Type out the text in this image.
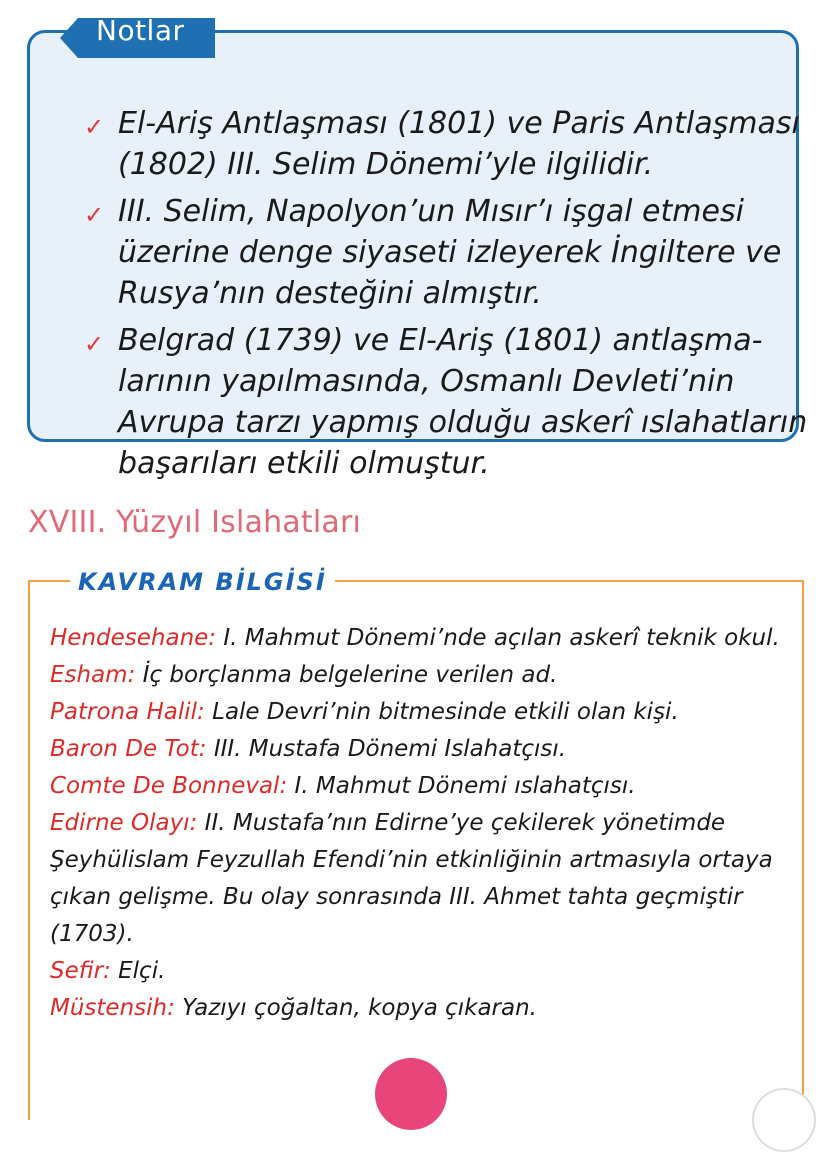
✓ El-Ariş Antlaşması (1801) ve Paris Antlaşması (1802) III. Selim Dönemi’yle ilgilidir.
✓ III. Selim, Napolyon’un Mısır’ı işgal etmesi üzerine denge siyaseti izleyerek İngiltere ve Rusya’nın desteğini almıştır.
✓ Belgrad (1739) ve El-Ariş (1801) antlaşma-larının yapılmasında, Osmanlı Devleti’nin Avrupa tarzı yapmış olduğu askerî ıslahatların başarıları etkili olmuştur.
Notlar
XVIII. Yüzyıl Islahatları
KAVRAM BİLGİSİ
Hendesehane: I. Mahmut Dönemi’nde açılan askerî teknik okul.
Esham: İç borçlanma belgelerine verilen ad.
Patrona Halil: Lale Devri’nin bitmesinde etkili olan kişi.
Baron De Tot: III. Mustafa Dönemi Islahatçısı.
Comte De Bonneval: I. Mahmut Dönemi ıslahatçısı.
Edirne Olayı: II. Mustafa’nın Edirne’ye çekilerek yönetimde Şeyhülislam Feyzullah Efendi’nin etkinliğinin artmasıyla ortaya çıkan gelişme. Bu olay sonrasında III. Ahmet tahta geçmiştir (1703).
Sefir: Elçi.
Müstensih: Yazıyı çoğaltan, kopya çıkaran.
